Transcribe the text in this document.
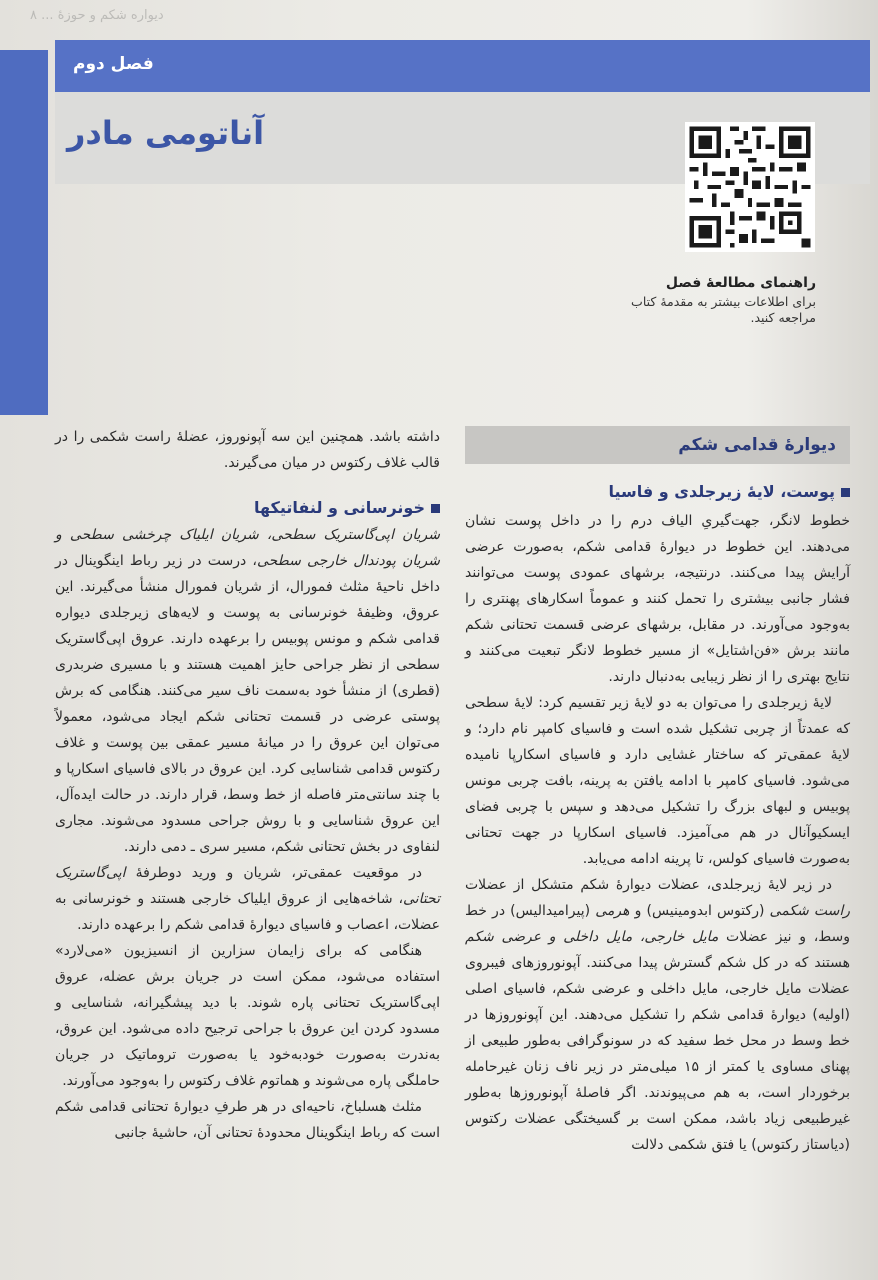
دیواره شکم و حوزهٔ ... ۸
فصل دوم
آناتومی مادر
راهنمای مطالعهٔ فصل
برای اطلاعات بیشتر به مقدمهٔ کتاب مراجعه کنید.
دیوارهٔ قدامی شکم
پوست، لایهٔ زیرجلدی و فاسیا

خطوط لانگر، جهت‌گیریِ الیاف درم را در داخل پوست نشان می‌دهند. این خطوط در دیوارهٔ قدامی شکم، به‌صورت عرضی آرایش پیدا می‌کنند. درنتیجه، برشهای عمودی پوست می‌توانند فشار جانبی بیشتری را تحمل کنند و عموماً اسکارهای پهنتری را به‌وجود می‌آورند. در مقابل، برشهای عرضی قسمت تحتانی شکم مانند برش «فن‌اشتایل» از مسیر خطوط لانگر تبعیت می‌کنند و نتایج بهتری را از نظر زیبایی به‌دنبال دارند.

لایهٔ زیرجلدی را می‌توان به دو لایهٔ زیر تقسیم کرد: لایهٔ سطحی که عمدتاً از چربی تشکیل شده است و فاسیای کامپر نام دارد؛ و لایهٔ عمقی‌تر که ساختار غشایی دارد و فاسیای اسکارپا نامیده می‌شود. فاسیای کامپر با ادامه یافتن به پرینه، بافت چربی مونس پوبیس و لبهای بزرگ را تشکیل می‌دهد و سپس با چربی فضای ایسکیوآنال در هم می‌آمیزد. فاسیای اسکارپا در جهت تحتانی به‌صورت فاسیای کولس، تا پرینه ادامه می‌یابد.

در زیر لایهٔ زیرجلدی، عضلات دیوارهٔ شکم متشکل از عضلات راست شکمی (رکتوس ابدومینیس) و هرمی (پیرامیدالیس) در خط وسط، و نیز عضلات مایل خارجی، مایل داخلی و عرضی شکم هستند که در کل شکم گسترش پیدا می‌کنند. آپونوروزهای فیبروی عضلات مایل خارجی، مایل داخلی و عرضی شکم، فاسیای اصلی (اولیه) دیوارهٔ قدامی شکم را تشکیل می‌دهند. این آپونوروزها در خط وسط در محل خط سفید که در سونوگرافی به‌طور طبیعی از پهنای مساوی یا کمتر از ۱۵ میلی‌متر در زیر ناف زنان غیرحامله برخوردار است، به هم می‌پیوندند. اگر فاصلهٔ آپونوروزها به‌طور غیرطبیعی زیاد باشد، ممکن است بر گسیختگی عضلات رکتوس (دیاستاز رکتوس) یا فتق شکمی دلالت

داشته باشد. همچنین این سه آپونوروز، عضلهٔ راست شکمی را در قالب غلاف رکتوس در میان می‌گیرند.

خونرسانی و لنفاتیکها

شریان اپی‌گاستریک سطحی، شریان ایلیاک چرخشی سطحی و شریان پودندال خارجی سطحی، درست در زیر رباط اینگوینال در داخل ناحیهٔ مثلث فمورال، از شریان فمورال منشأ می‌گیرند. این عروق، وظیفهٔ خونرسانی به پوست و لایه‌های زیرجلدی دیواره قدامی شکم و مونس پوبیس را برعهده دارند. عروق اپی‌گاستریک سطحی از نظر جراحی حایز اهمیت هستند و با مسیری ضربدری (قطری) از منشأ خود به‌سمت ناف سیر می‌کنند. هنگامی که برش پوستی عرضی در قسمت تحتانی شکم ایجاد می‌شود، معمولاً می‌توان این عروق را در میانهٔ مسیر عمقی بین پوست و غلاف رکتوس قدامی شناسایی کرد. این عروق در بالای فاسیای اسکارپا و با چند سانتی‌متر فاصله از خط وسط، قرار دارند. در حالت ایده‌آل، این عروق شناسایی و با روش جراحی مسدود می‌شوند. مجاری لنفاوی در بخش تحتانی شکم، مسیر سری ـ دمی دارند.

در موقعیت عمقی‌تر، شریان و ورید دوطرفهٔ اپی‌گاستریک تحتانی، شاخه‌هایی از عروق ایلیاک خارجی هستند و خونرسانی به عضلات، اعصاب و فاسیای دیوارهٔ قدامی شکم را برعهده دارند.

هنگامی که برای زایمان سزارین از انسیزیون «می‌لارد» استفاده می‌شود، ممکن است در جریان برش عضله، عروق اپی‌گاستریک تحتانی پاره شوند. با دید پیشگیرانه، شناسایی و مسدود کردن این عروق با جراحی ترجیح داده می‌شود. این عروق، به‌ندرت به‌صورت خودبه‌خود یا به‌صورت تروماتیک در جریان حاملگی پاره می‌شوند و هماتوم غلاف رکتوس را به‌وجود می‌آورند.

مثلث هسلباخ، ناحیه‌ای در هر طرفِ دیوارهٔ تحتانی قدامی شکم است که رباط اینگوینال محدودهٔ تحتانی آن، حاشیهٔ جانبی
